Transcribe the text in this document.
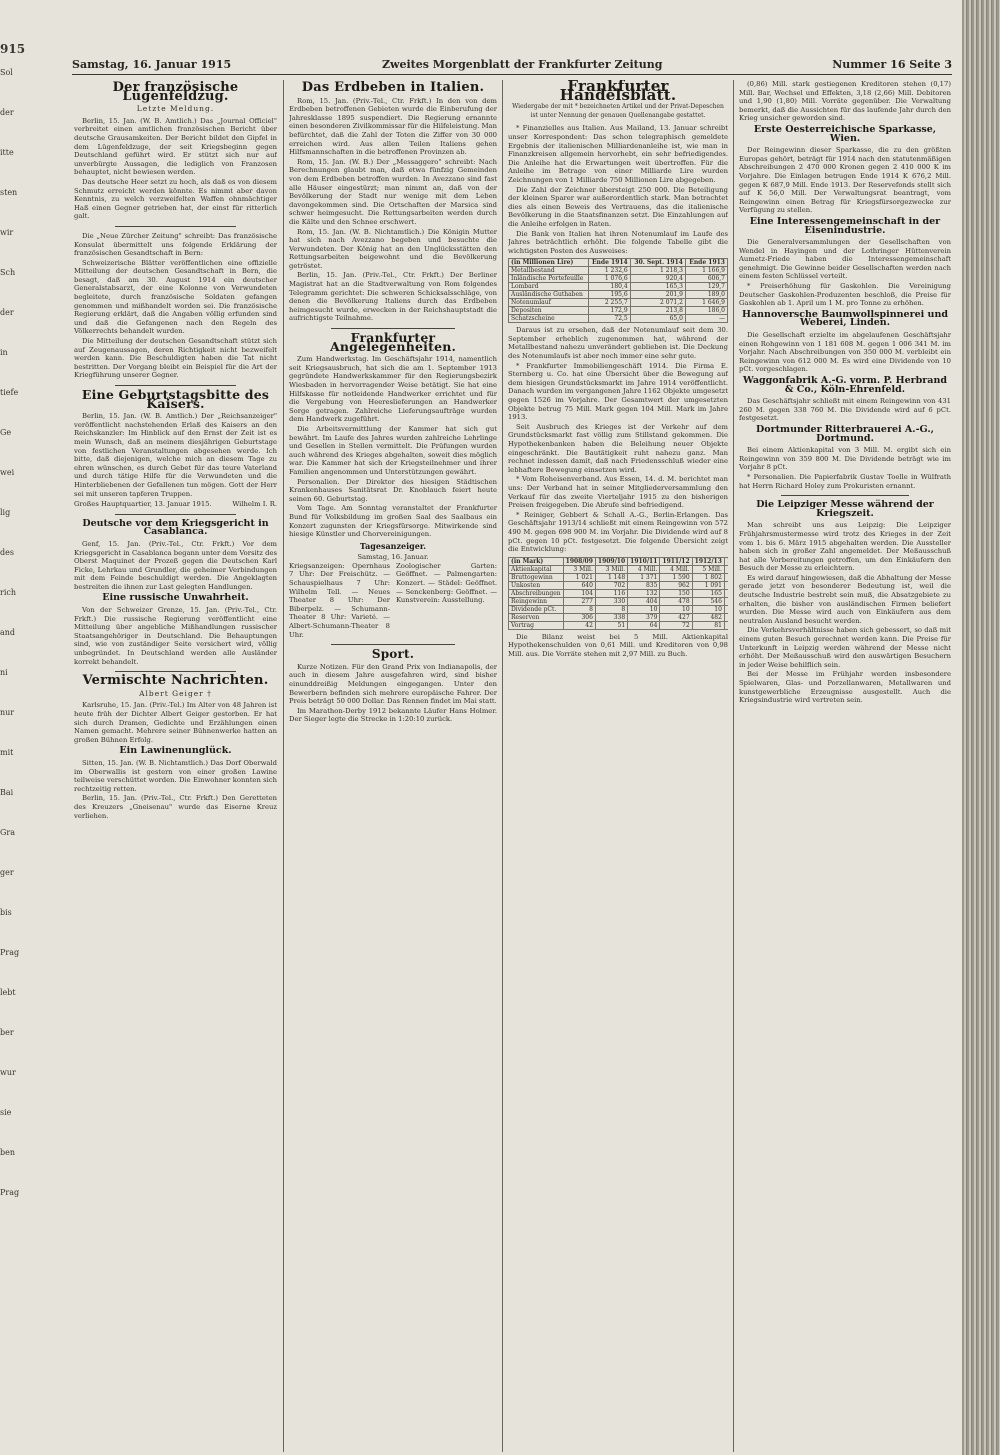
915
Sol
der
itte
sten
wir
Sch
der
in
tiefe
Ge
wei
lig
des
rich
and
ni
nur
mit
Bai
Gra
ger
bis
Prag
lebt
ber
wur
sie
ben
Prag
Samstag, 16. Januar 1915	Zweites Morgenblatt der Frankfurter Zeitung	Nummer 16 Seite 3
Der französische Lügenfeldzug.
Letzte Meldung.

Berlin, 15. Jan. (W. B. Amtlich.) Das „Journal Officiel" verbreitet einen amtlichen französischen Bericht über deutsche Grausamkeiten. Der Bericht bildet den Gipfel in dem Lügenfeldzuge, der seit Kriegsbeginn gegen Deutschland geführt wird. Er stützt sich nur auf unverbürgte Aussagen, die lediglich von Franzosen behauptet, nicht bewiesen werden.

Das deutsche Heer setzt zu hoch, als daß es von diesem Schmutz erreicht werden könnte. Es nimmt aber davon Kenntnis, zu welch verzweifelten Waffen ohnmächtiger Haß einen Gegner getrieben hat, der einst für ritterlich galt.

Die „Neue Zürcher Zeitung" schreibt: Das französische Konsulat übermittelt uns folgende Erklärung der französischen Gesandtschaft in Bern:

Schweizerische Blätter veröffentlichen eine offizielle Mitteilung der deutschen Gesandtschaft in Bern, die besagt, daß am 30. August 1914 ein deutscher Generalstabsarzt, der eine Kolonne von Verwundeten begleitete, durch französische Soldaten gefangen genommen und mißhandelt worden sei. Die französische Regierung erklärt, daß die Angaben völlig erfunden sind und daß die Gefangenen nach den Regeln des Völkerrechts behandelt wurden.

Die Mitteilung der deutschen Gesandtschaft stützt sich auf Zeugenaussagen, deren Richtigkeit nicht bezweifelt werden kann. Die Beschuldigten haben die Tat nicht bestritten. Der Vorgang bleibt ein Beispiel für die Art der Kriegführung unserer Gegner.

Eine Geburtstagsbitte des Kaisers.

Berlin, 15. Jan. (W. B. Amtlich.) Der „Reichsanzeiger" veröffentlicht nachstehenden Erlaß des Kaisers an den Reichskanzler: Im Hinblick auf den Ernst der Zeit ist es mein Wunsch, daß an meinem diesjährigen Geburtstage von festlichen Veranstaltungen abgesehen werde. Ich bitte, daß diejenigen, welche mich an diesem Tage zu ehren wünschen, es durch Gebet für das teure Vaterland und durch tätige Hilfe für die Verwundeten und die Hinterbliebenen der Gefallenen tun mögen. Gott der Herr sei mit unseren tapferen Truppen.

Großes Hauptquartier, 13. Januar 1915.	Wilhelm I. R.
Deutsche vor dem Kriegsgericht in Casablanca.

Genf, 15. Jan. (Priv.-Tel., Ctr. Frkft.) Vor dem Kriegsgericht in Casablanca begann unter dem Vorsitz des Oberst Maquinet der Prozeß gegen die Deutschen Karl Ficke, Lehrkau und Grundler, die geheimer Verbindungen mit dem Feinde beschuldigt werden. Die Angeklagten bestreiten die ihnen zur Last gelegten Handlungen.

Eine russische Unwahrheit.

Von der Schweizer Grenze, 15. Jan. (Priv.-Tel., Ctr. Frkft.) Die russische Regierung veröffentlicht eine Mitteilung über angebliche Mißhandlungen russischer Staatsangehöriger in Deutschland. Die Behauptungen sind, wie von zuständiger Seite versichert wird, völlig unbegründet. In Deutschland werden alle Ausländer korrekt behandelt.

Vermischte Nachrichten.
Albert Geiger †

Karlsruhe, 15. Jan. (Priv.-Tel.) Im Alter von 48 Jahren ist heute früh der Dichter Albert Geiger gestorben. Er hat sich durch Dramen, Gedichte und Erzählungen einen Namen gemacht. Mehrere seiner Bühnenwerke hatten an großen Bühnen Erfolg.

Ein Lawinenunglück.

Sitten, 15. Jan. (W. B. Nichtamtlich.) Das Dorf Oberwald im Oberwallis ist gestern von einer großen Lawine teilweise verschüttet worden. Die Einwohner konnten sich rechtzeitig retten.

Berlin, 15. Jan. (Priv.-Tel., Ctr. Frkft.) Den Geretteten des Kreuzers „Gneisenau" wurde das Eiserne Kreuz verliehen.

Das Erdbeben in Italien.

Rom, 15. Jan. (Priv.-Tel., Ctr. Frkft.) In den von dem Erdbeben betroffenen Gebieten wurde die Einberufung der Jahresklasse 1895 suspendiert. Die Regierung ernannte einen besonderen Zivilkommissar für die Hilfeleistung. Man befürchtet, daß die Zahl der Toten die Ziffer von 30 000 erreichen wird. Aus allen Teilen Italiens gehen Hilfsmannschaften in die betroffenen Provinzen ab.

Rom, 15. Jan. (W. B.) Der „Messaggero" schreibt: Nach Berechnungen glaubt man, daß etwa fünfzig Gemeinden von dem Erdbeben betroffen wurden. In Avezzano sind fast alle Häuser eingestürzt; man nimmt an, daß von der Bevölkerung der Stadt nur wenige mit dem Leben davongekommen sind. Die Ortschaften der Marsica sind schwer heimgesucht. Die Rettungsarbeiten werden durch die Kälte und den Schnee erschwert.

Rom, 15. Jan. (W. B. Nichtamtlich.) Die Königin Mutter hat sich nach Avezzano begeben und besuchte die Verwundeten. Der König hat an den Unglücksstätten den Rettungsarbeiten beigewohnt und die Bevölkerung getröstet.

Berlin, 15. Jan. (Priv.-Tel., Ctr. Frkft.) Der Berliner Magistrat hat an die Stadtverwaltung von Rom folgendes Telegramm gerichtet: Die schweren Schicksalsschläge, von denen die Bevölkerung Italiens durch das Erdbeben heimgesucht wurde, erwecken in der Reichshauptstadt die aufrichtigste Teilnahme.

Frankfurter Angelegenheiten.

Zum Handwerkstag. Im Geschäftsjahr 1914, namentlich seit Kriegsausbruch, hat sich die am 1. September 1913 gegründete Handwerkskammer für den Regierungsbezirk Wiesbaden in hervorragender Weise betätigt. Sie hat eine Hilfskasse für notleidende Handwerker errichtet und für die Vergebung von Heereslieferungen an Handwerker Sorge getragen. Zahlreiche Lieferungsaufträge wurden dem Handwerk zugeführt.

Die Arbeitsvermittlung der Kammer hat sich gut bewährt. Im Laufe des Jahres wurden zahlreiche Lehrlinge und Gesellen in Stellen vermittelt. Die Prüfungen wurden auch während des Krieges abgehalten, soweit dies möglich war. Die Kammer hat sich der Kriegsteilnehmer und ihrer Familien angenommen und Unterstützungen gewährt.

Personalien. Der Direktor des hiesigen Städtischen Krankenhauses Sanitätsrat Dr. Knoblauch feiert heute seinen 60. Geburtstag.

Vom Tage. Am Sonntag veranstaltet der Frankfurter Bund für Volksbildung im großen Saal des Saalbaus ein Konzert zugunsten der Kriegsfürsorge. Mitwirkende sind hiesige Künstler und Chorvereinigungen.

Tagesanzeiger.
Samstag, 16. Januar.
Kriegsanzeigen: Opernhaus 7 Uhr: Der Freischütz. — Schauspielhaus 7 Uhr: Wilhelm Tell. — Neues Theater 8 Uhr: Der Biberpelz. — Schumann-Theater 8 Uhr: Varieté. — Albert-Schumann-Theater 8 Uhr.
Zoologischer Garten: Geöffnet. — Palmengarten: Konzert. — Städel: Geöffnet. — Senckenberg: Geöffnet. — Kunstverein: Ausstellung.
Sport.

Kurze Notizen. Für den Grand Prix von Indianapolis, der auch in diesem Jahre ausgefahren wird, sind bisher einunddreißig Meldungen eingegangen. Unter den Bewerbern befinden sich mehrere europäische Fahrer. Der Preis beträgt 50 000 Dollar. Das Rennen findet im Mai statt.

Im Marathon-Derby 1912 bekannte Läufer Hans Holmer. Der Sieger legte die Strecke in 1:20:10 zurück.

Frankfurter Handelsblatt.
Wiedergabe der mit * bezeichneten Artikel und der Privat-Depeschen ist unter Nennung der genauen Quellenangabe gestattet.

* Finanzielles aus Italien. Aus Mailand, 13. Januar schreibt unser Korrespondent: Das schon telegraphisch gemeldete Ergebnis der italienischen Milliardenanleihe ist, wie man in Finanzkreisen allgemein hervorhebt, ein sehr befriedigendes. Die Anleihe hat die Erwartungen weit übertroffen. Für die Anleihe im Betrage von einer Milliarde Lire wurden Zeichnungen von 1 Milliarde 750 Millionen Lire abgegeben.

Die Zahl der Zeichner übersteigt 250 000. Die Beteiligung der kleinen Sparer war außerordentlich stark. Man betrachtet dies als einen Beweis des Vertrauens, das die italienische Bevölkerung in die Staatsfinanzen setzt. Die Einzahlungen auf die Anleihe erfolgen in Raten.

Die Bank von Italien hat ihren Notenumlauf im Laufe des Jahres beträchtlich erhöht. Die folgende Tabelle gibt die wichtigsten Posten des Ausweises:

(in Millionen Lire)	Ende 1914	30. Sept. 1914	Ende 1913
Metallbestand	1 232,6	1 218,3	1 166,9
Inländische Portefeuille	1 076,6	920,4	606,7
Lombard	180,4	165,3	129,7
Ausländische Guthaben	195,6	201,9	189,0
Notenumlauf	2 255,7	2 071,2	1 646,9
Depositen	172,9	213,8	186,0
Schatzscheine	72,5	65,0	—

Daraus ist zu ersehen, daß der Notenumlauf seit dem 30. September erheblich zugenommen hat, während der Metallbestand nahezu unverändert geblieben ist. Die Deckung des Notenumlaufs ist aber noch immer eine sehr gute.

* Frankfurter Immobiliengeschäft 1914. Die Firma E. Sternberg u. Co. hat eine Übersicht über die Bewegung auf dem hiesigen Grundstücksmarkt im Jahre 1914 veröffentlicht. Danach wurden im vergangenen Jahre 1162 Objekte umgesetzt gegen 1526 im Vorjahre. Der Gesamtwert der umgesetzten Objekte betrug 75 Mill. Mark gegen 104 Mill. Mark im Jahre 1913.

Seit Ausbruch des Krieges ist der Verkehr auf dem Grundstücksmarkt fast völlig zum Stillstand gekommen. Die Hypothekenbanken haben die Beleihung neuer Objekte eingeschränkt. Die Bautätigkeit ruht nahezu ganz. Man rechnet indessen damit, daß nach Friedensschluß wieder eine lebhaftere Bewegung einsetzen wird.

* Vom Roheisenverband. Aus Essen, 14. d. M. berichtet man uns: Der Verband hat in seiner Mitgliederversammlung den Verkauf für das zweite Vierteljahr 1915 zu den bisherigen Preisen freigegeben. Die Abrufe sind befriedigend.

* Reiniger, Gebbert & Schall A.-G., Berlin-Erlangen. Das Geschäftsjahr 1913/14 schließt mit einem Reingewinn von 572 490 M. gegen 698 900 M. im Vorjahr. Die Dividende wird auf 8 pCt. gegen 10 pCt. festgesetzt. Die folgende Übersicht zeigt die Entwicklung:

(in Mark)	1908/09	1909/10	1910/11	1911/12	1912/13	
Aktienkapital	3 Mill.	3 Mill.	4 Mill.	4 Mill.	5 Mill.	
Bruttogewinn	1 021	1 148	1 371	1 590	1 802	
Unkosten	640	702	835	962	1 091	
Abschreibungen	104	116	132	150	165	
Reingewinn	277	330	404	478	546	
Dividende pCt.	8	8	10	10	10	
Reserven	306	338	379	427	482	
Vortrag	42	51	64	72	81	

Die Bilanz weist bei 5 Mill. Aktienkapital Hypothekenschulden von 0,61 Mill. und Kreditoren von 0,98 Mill. aus. Die Vorräte stehen mit 2,97 Mill. zu Buch.

(0,86) Mill. stark gestiegenen Kreditoren stehen (0,17) Mill. Bar, Wechsel und Effekten, 3,18 (2,66) Mill. Debitoren und 1,90 (1,80) Mill. Vorräte gegenüber. Die Verwaltung bemerkt, daß die Aussichten für das laufende Jahr durch den Krieg unsicher geworden sind.

Erste Oesterreichische Sparkasse, Wien.

Der Reingewinn dieser Sparkasse, die zu den größten Europas gehört, beträgt für 1914 nach den statutenmäßigen Abschreibungen 2 470 000 Kronen gegen 2 410 000 K im Vorjahre. Die Einlagen betrugen Ende 1914 K 676,2 Mill. gegen K 687,9 Mill. Ende 1913. Der Reservefonds stellt sich auf K 56,0 Mill. Der Verwaltungsrat beantragt, vom Reingewinn einen Betrag für Kriegsfürsorgezwecke zur Verfügung zu stellen.

Eine Interessengemeinschaft in der Eisenindustrie.

Die Generalversammlungen der Gesellschaften von Wendel in Hayingen und der Lothringer Hüttenverein Aumetz-Friede haben die Interessengemeinschaft genehmigt. Die Gewinne beider Gesellschaften werden nach einem festen Schlüssel verteilt.

* Preiserhöhung für Gaskohlen. Die Vereinigung Deutscher Gaskohlen-Produzenten beschloß, die Preise für Gaskohlen ab 1. April um 1 M. pro Tonne zu erhöhen.

Hannoversche Baumwollspinnerei und Weberei, Linden.

Die Gesellschaft erzielte im abgelaufenen Geschäftsjahr einen Rohgewinn von 1 181 608 M. gegen 1 006 341 M. im Vorjahr. Nach Abschreibungen von 350 000 M. verbleibt ein Reingewinn von 612 000 M. Es wird eine Dividende von 10 pCt. vorgeschlagen.

Waggonfabrik A.-G. vorm. P. Herbrand & Co., Köln-Ehrenfeld.

Das Geschäftsjahr schließt mit einem Reingewinn von 431 260 M. gegen 338 760 M. Die Dividende wird auf 6 pCt. festgesetzt.

Dortmunder Ritterbrauerei A.-G., Dortmund.

Bei einem Aktienkapital von 3 Mill. M. ergibt sich ein Reingewinn von 359 800 M. Die Dividende beträgt wie im Vorjahr 8 pCt.

* Personalien. Die Papierfabrik Gustav Toelle in Wülfrath hat Herrn Richard Holey zum Prokuristen ernannt.

Die Leipziger Messe während der Kriegszeit.

Man schreibt uns aus Leipzig: Die Leipziger Frühjahrsmustermesse wird trotz des Krieges in der Zeit vom 1. bis 6. März 1915 abgehalten werden. Die Aussteller haben sich in großer Zahl angemeldet. Der Meßausschuß hat alle Vorbereitungen getroffen, um den Einkäufern den Besuch der Messe zu erleichtern.

Es wird darauf hingewiesen, daß die Abhaltung der Messe gerade jetzt von besonderer Bedeutung ist, weil die deutsche Industrie bestrebt sein muß, die Absatzgebiete zu erhalten, die bisher von ausländischen Firmen beliefert wurden. Die Messe wird auch von Einkäufern aus dem neutralen Ausland besucht werden.

Die Verkehrsverhältnisse haben sich gebessert, so daß mit einem guten Besuch gerechnet werden kann. Die Preise für Unterkunft in Leipzig werden während der Messe nicht erhöht. Der Meßausschuß wird den auswärtigen Besuchern in jeder Weise behilflich sein.

Bei der Messe im Frühjahr werden insbesondere Spielwaren, Glas- und Porzellanwaren, Metallwaren und kunstgewerbliche Erzeugnisse ausgestellt. Auch die Kriegsindustrie wird vertreten sein.
